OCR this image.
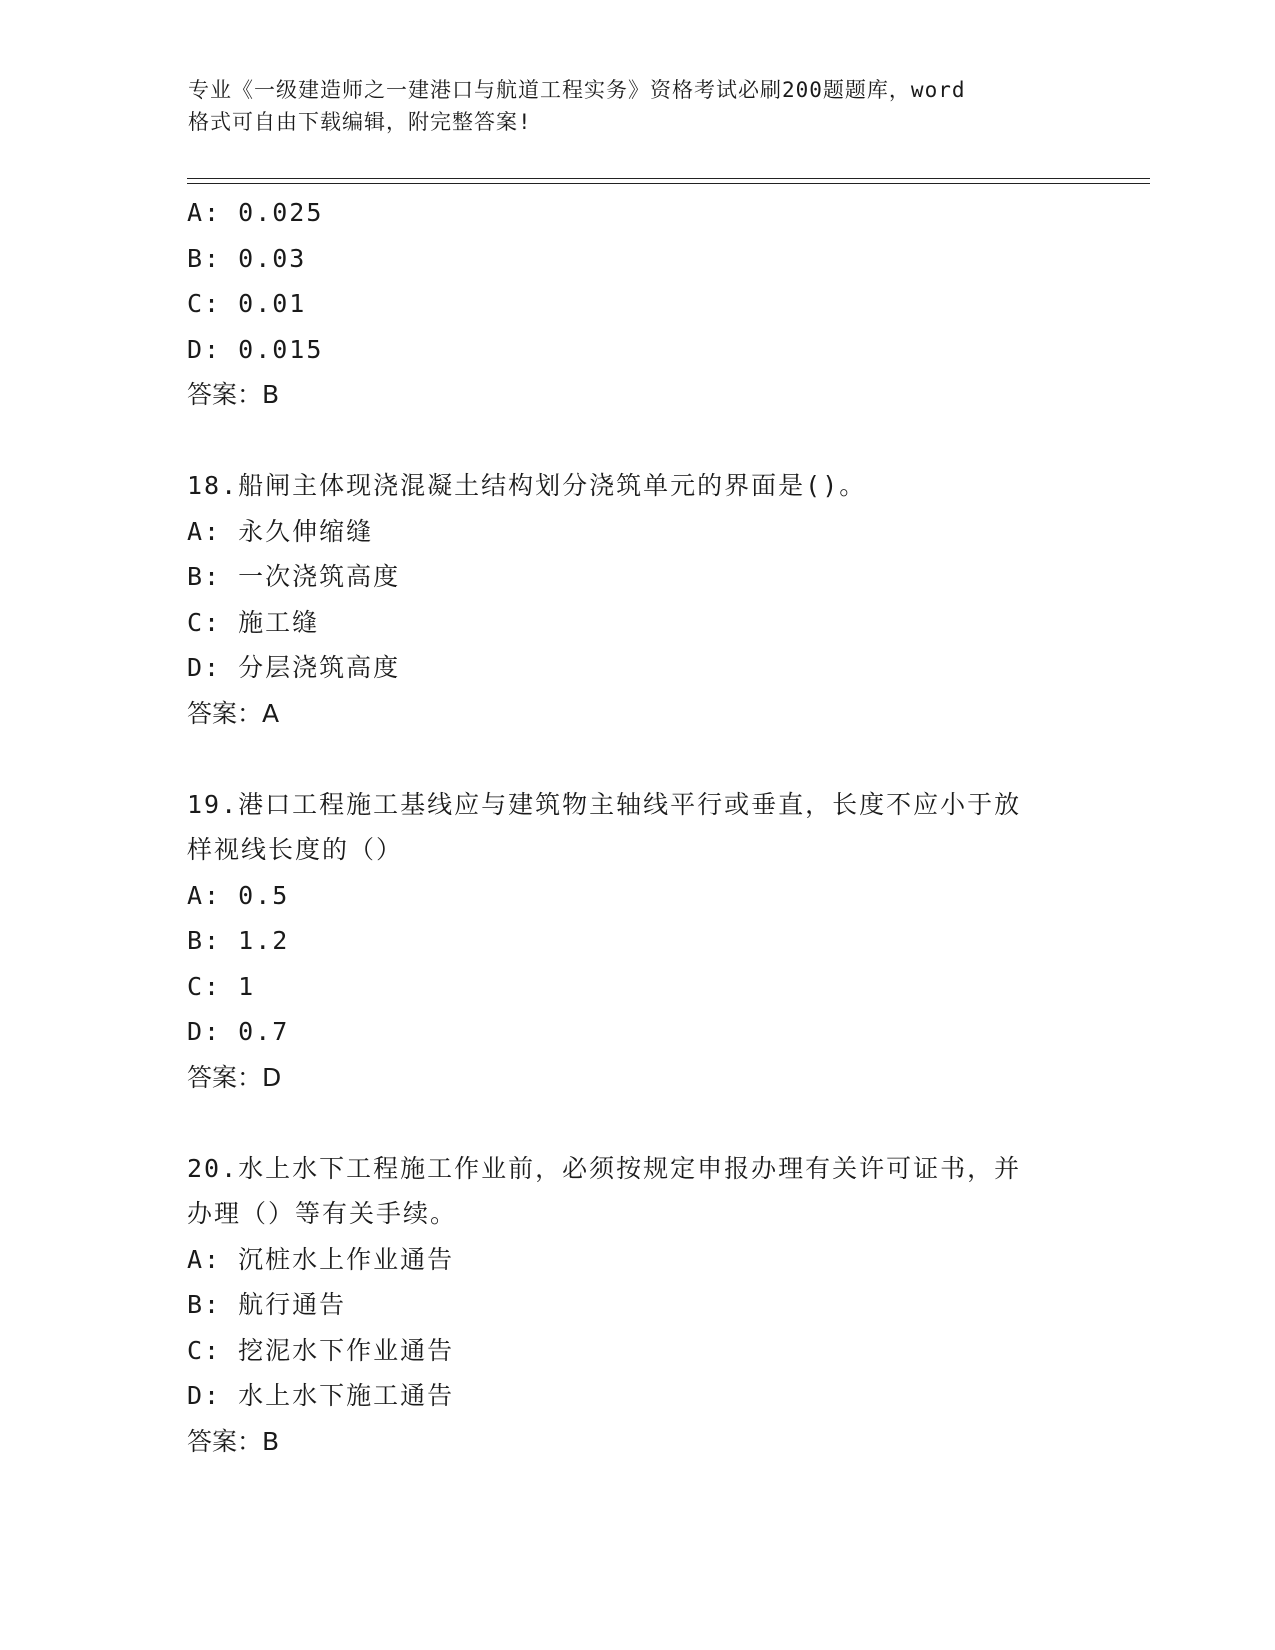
专业《一级建造师之一建港口与航道工程实务》资格考试必刷200题题库，word
格式可自由下载编辑，附完整答案!
A: 0.025
B: 0.03
C: 0.01
D: 0.015
答案：B
18.船闸主体现浇混凝土结构划分浇筑单元的界面是()。
A: 永久伸缩缝
B: 一次浇筑高度
C: 施工缝
D: 分层浇筑高度
答案：A
19.港口工程施工基线应与建筑物主轴线平行或垂直，长度不应小于放
样视线长度的（）
A: 0.5
B: 1.2
C: 1
D: 0.7
答案：D
20.水上水下工程施工作业前，必须按规定申报办理有关许可证书，并
办理（）等有关手续。
A: 沉桩水上作业通告
B: 航行通告
C: 挖泥水下作业通告
D: 水上水下施工通告
答案：B
